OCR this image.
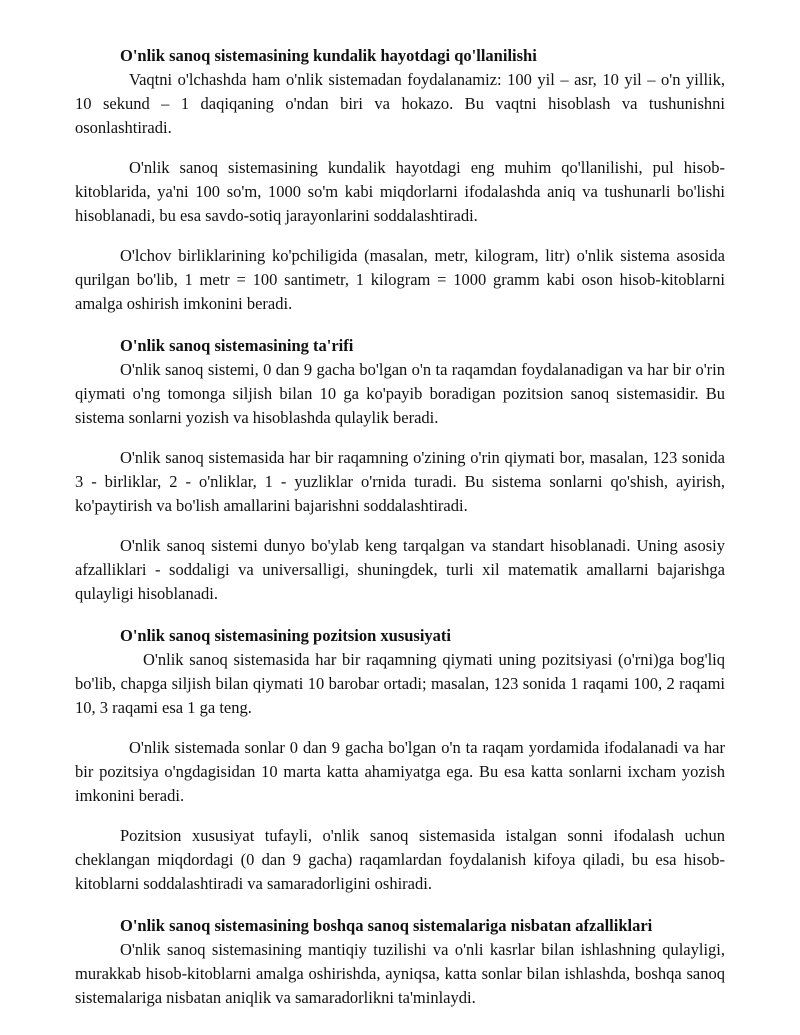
O'nlik sanoq sistemasining kundalik hayotdagi qo'llanilishi

Vaqtni o'lchashda ham o'nlik sistemadan foydalanamiz: 100 yil – asr, 10 yil – o'n yillik, 10 sekund – 1 daqiqaning o'ndan biri va hokazo. Bu vaqtni hisoblash va tushunishni osonlashtiradi.

O'nlik sanoq sistemasining kundalik hayotdagi eng muhim qo'llanilishi, pul hisob-kitoblarida, ya'ni 100 so'm, 1000 so'm kabi miqdorlarni ifodalashda aniq va tushunarli bo'lishi hisoblanadi, bu esa savdo-sotiq jarayonlarini soddalashtiradi.

O'lchov birliklarining ko'pchiligida (masalan, metr, kilogram, litr) o'nlik sistema asosida qurilgan bo'lib, 1 metr = 100 santimetr, 1 kilogram = 1000 gramm kabi oson hisob-kitoblarni amalga oshirish imkonini beradi.

O'nlik sanoq sistemasining ta'rifi

O'nlik sanoq sistemi, 0 dan 9 gacha bo'lgan o'n ta raqamdan foydalanadigan va har bir o'rin qiymati o'ng tomonga siljish bilan 10 ga ko'payib boradigan pozitsion sanoq sistemasidir. Bu sistema sonlarni yozish va hisoblashda qulaylik beradi.

O'nlik sanoq sistemasida har bir raqamning o'zining o'rin qiymati bor, masalan, 123 sonida 3 - birliklar, 2 - o'nliklar, 1 - yuzliklar o'rnida turadi. Bu sistema sonlarni qo'shish, ayirish, ko'paytirish va bo'lish amallarini bajarishni soddalashtiradi.

O'nlik sanoq sistemi dunyo bo'ylab keng tarqalgan va standart hisoblanadi. Uning asosiy afzalliklari - soddaligi va universalligi, shuningdek, turli xil matematik amallarni bajarishga qulayligi hisoblanadi.

O'nlik sanoq sistemasining pozitsion xususiyati

O'nlik sanoq sistemasida har bir raqamning qiymati uning pozitsiyasi (o'rni)ga bog'liq bo'lib, chapga siljish bilan qiymati 10 barobar ortadi; masalan, 123 sonida 1 raqami 100, 2 raqami 10, 3 raqami esa 1 ga teng.

O'nlik sistemada sonlar 0 dan 9 gacha bo'lgan o'n ta raqam yordamida ifodalanadi va har bir pozitsiya o'ngdagisidan 10 marta katta ahamiyatga ega. Bu esa katta sonlarni ixcham yozish imkonini beradi.

Pozitsion xususiyat tufayli, o'nlik sanoq sistemasida istalgan sonni ifodalash uchun cheklangan miqdordagi (0 dan 9 gacha) raqamlardan foydalanish kifoya qiladi, bu esa hisob-kitoblarni soddalashtiradi va samaradorligini oshiradi.

O'nlik sanoq sistemasining boshqa sanoq sistemalariga nisbatan afzalliklari

O'nlik sanoq sistemasining mantiqiy tuzilishi va o'nli kasrlar bilan ishlashning qulayligi, murakkab hisob-kitoblarni amalga oshirishda, ayniqsa, katta sonlar bilan ishlashda, boshqa sanoq sistemalariga nisbatan aniqlik va samaradorlikni ta'minlaydi.
